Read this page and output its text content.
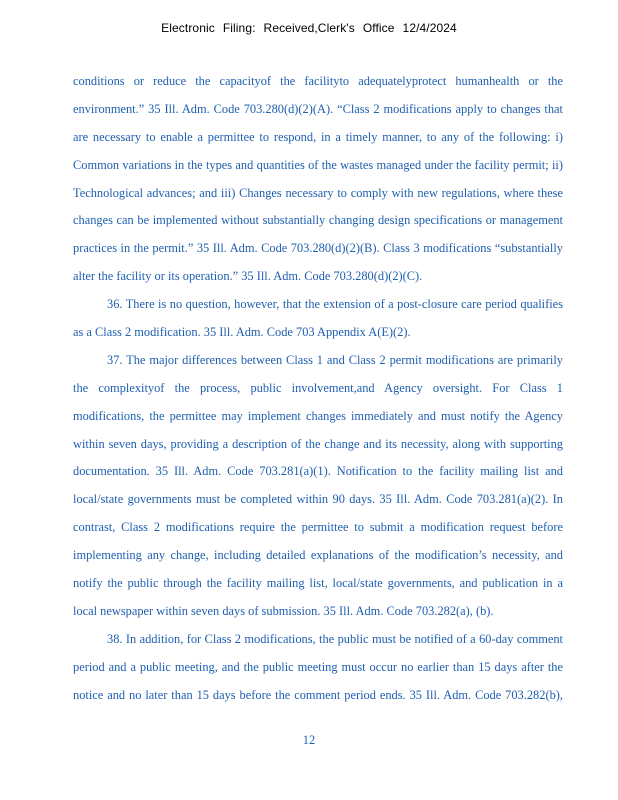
Electronic Filing: Received,Clerk's Office 12/4/2024
conditions or reduce the capacityof the facilityto adequatelyprotect humanhealth or the
environment.” 35 Ill. Adm. Code 703.280(d)(2)(A). “Class 2 modifications apply to changes that
are necessary to enable a permittee to respond, in a timely manner, to any of the following: i)
Common variations in the types and quantities of the wastes managed under the facility permit; ii)
Technological advances; and iii) Changes necessary to comply with new regulations, where these
changes can be implemented without substantially changing design specifications or management
practices in the permit.” 35 Ill. Adm. Code 703.280(d)(2)(B). Class 3 modifications “substantially
alter the facility or its operation.” 35 Ill. Adm. Code 703.280(d)(2)(C).
36. There is no question, however, that the extension of a post-closure care period qualifies
as a Class 2 modification. 35 Ill. Adm. Code 703 Appendix A(E)(2).
37. The major differences between Class 1 and Class 2 permit modifications are primarily
the complexityof the process, public involvement,and Agency oversight. For Class 1
modifications, the permittee may implement changes immediately and must notify the Agency
within seven days, providing a description of the change and its necessity, along with supporting
documentation. 35 Ill. Adm. Code 703.281(a)(1). Notification to the facility mailing list and
local/state governments must be completed within 90 days. 35 Ill. Adm. Code 703.281(a)(2). In
contrast, Class 2 modifications require the permittee to submit a modification request before
implementing any change, including detailed explanations of the modification’s necessity, and
notify the public through the facility mailing list, local/state governments, and publication in a
local newspaper within seven days of submission. 35 Ill. Adm. Code 703.282(a), (b).
38. In addition, for Class 2 modifications, the public must be notified of a 60-day comment
period and a public meeting, and the public meeting must occur no earlier than 15 days after the
notice and no later than 15 days before the comment period ends. 35 Ill. Adm. Code 703.282(b),
12
